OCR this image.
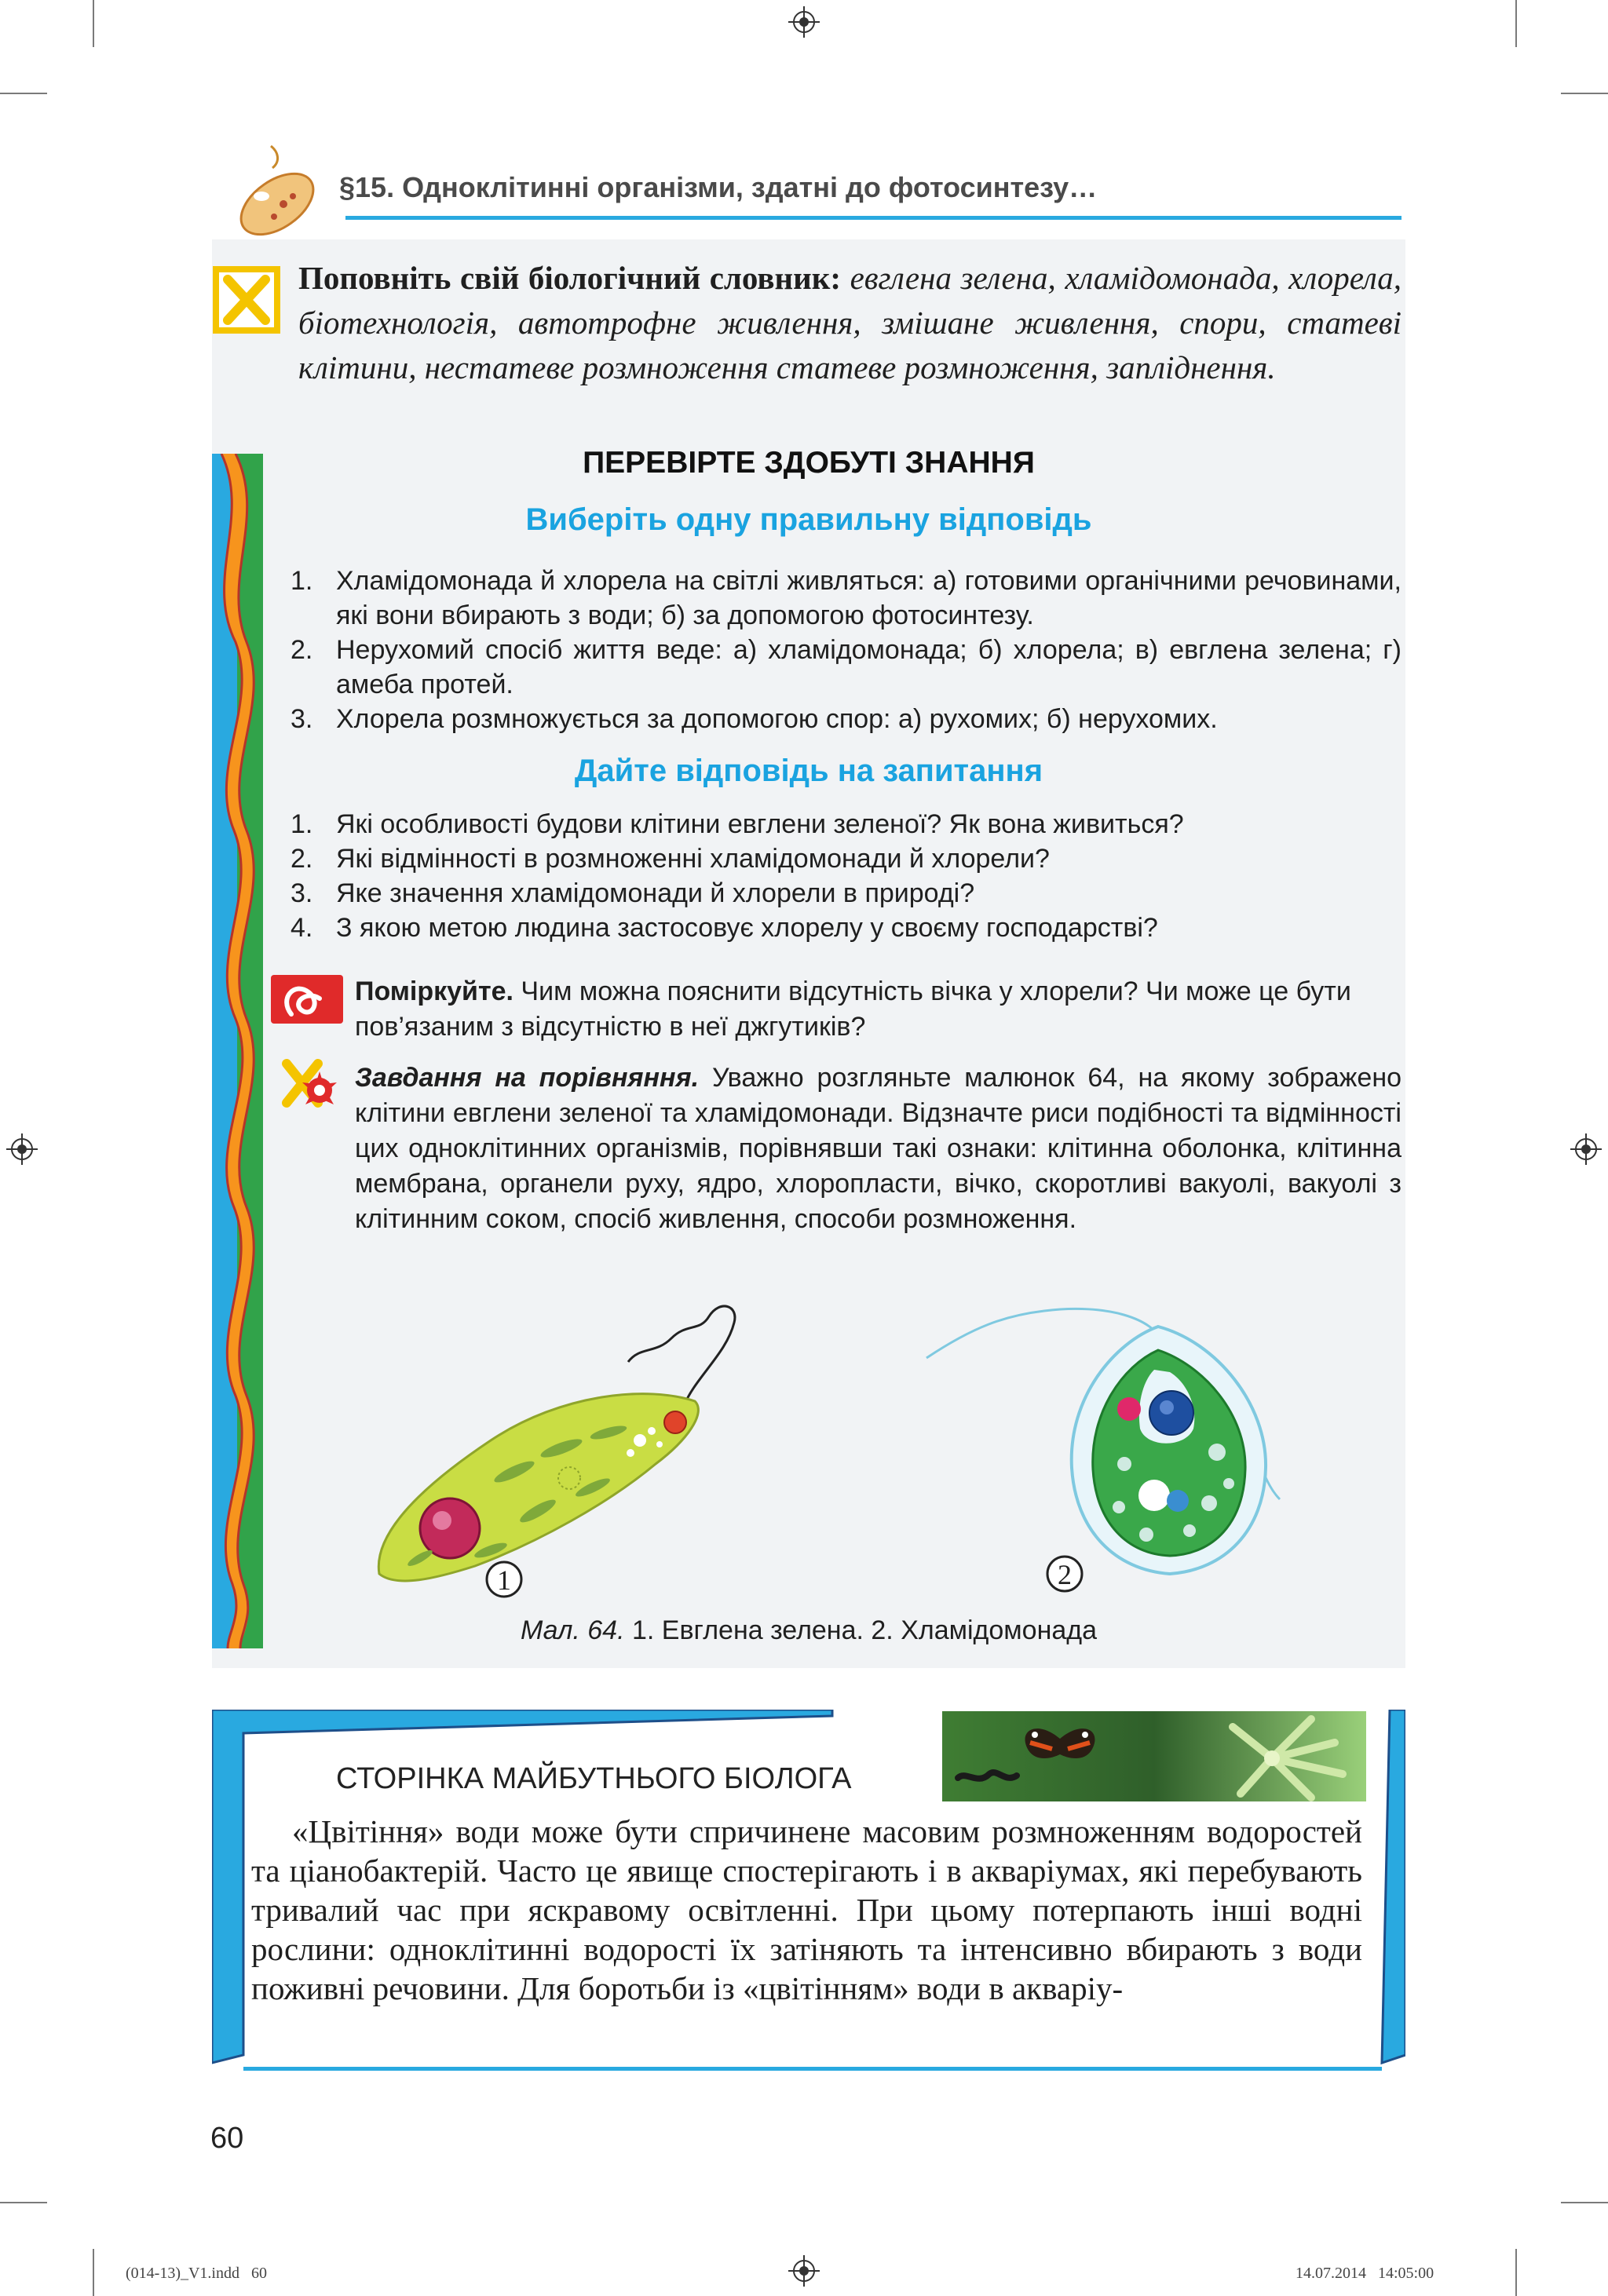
§15. Одноклітинні організми, здатні до фотосинтезу…
Поповніть свій біологічний словник: евглена зелена, хламідомонада, хлорела, біотехнологія, автотрофне живлення, змішане живлення, спори, статеві клітини, нестатеве розмноження статеве розмноження, запліднення.
ПЕРЕВІРТЕ ЗДОБУТІ ЗНАННЯ
Виберіть одну правильну відповідь
1. Хламідомонада й хлорела на світлі живляться: а) готовими органічними речовинами, які вони вбирають з води; б) за допомогою фотосинтезу.
2. Нерухомий спосіб життя веде: а) хламідомонада; б) хлорела; в) евглена зелена; г) амеба протей.
3. Хлорела розмножується за допомогою спор: а) рухомих; б) нерухомих.
Дайте відповідь на запитання
1. Які особливості будови клітини евглени зеленої? Як вона живиться?
2. Які відмінності в розмноженні хламідомонади й хлорели?
3. Яке значення хламідомонади й хлорели в природі?
4. З якою метою людина застосовує хлорелу у своєму господарстві?
Поміркуйте. Чим можна пояснити відсутність вічка у хлорели? Чи може це бути пов’язаним з відсутністю в неї джгутиків?
Завдання на порівняння. Уважно розгляньте малюнок 64, на якому зображено клітини евглени зеленої та хламідомонади. Відзначте риси подібності та відмінності цих одноклітинних організмів, порівнявши такі ознаки: клітинна оболонка, клітинна мембрана, органели руху, ядро, хлоропласти, вічко, скоротливі вакуолі, вакуолі з клітинним соком, спосіб живлення, способи розмноження.
1	2
Мал. 64. 1. Евглена зелена. 2. Хламідомонада
СТОРІНКА МАЙБУТНЬОГО БІОЛОГА
«Цвітіння» води може бути спричинене масовим розмноженням водоростей та ціанобактерій. Часто це явище спостерігають і в акваріумах, які перебувають тривалий час при яскравому освітленні. При цьому потерпають інші водні рослини: одноклітинні водорості їх затіняють та інтенсивно вбирають з води поживні речовини. Для боротьби із «цвітінням» води в акваріу-
60
(014-13)_V1.indd   60	14.07.2014   14:05:00
